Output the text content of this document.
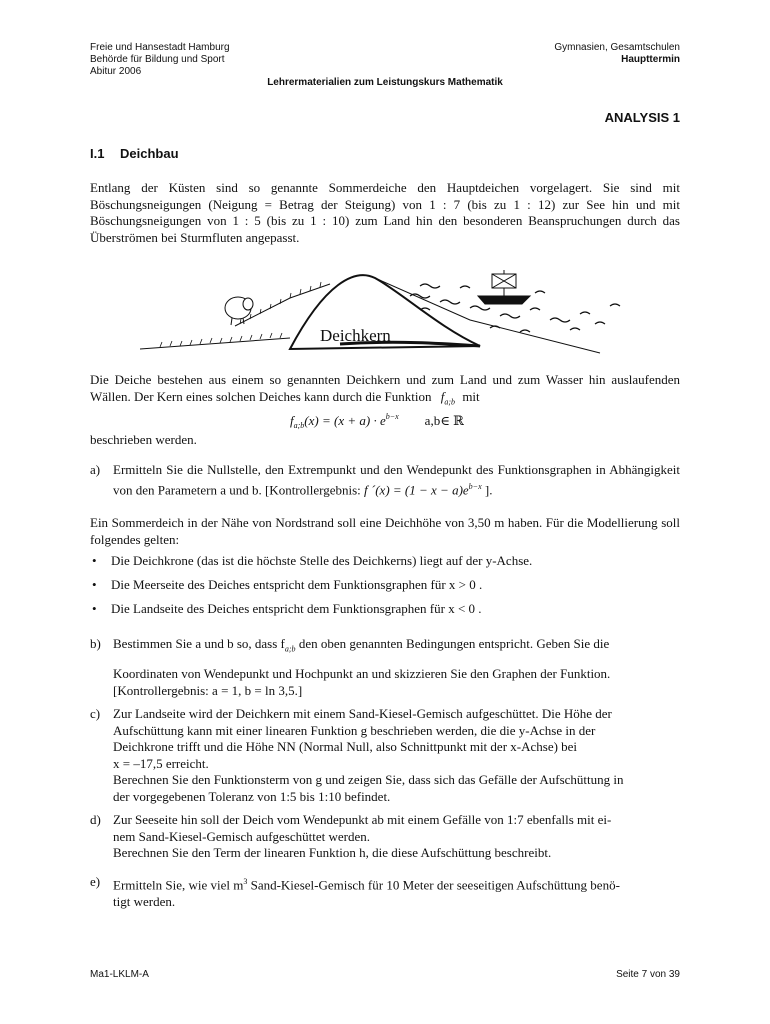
Freie und Hansestadt Hamburg
Behörde für Bildung und Sport
Abitur 2006
Gymnasien, Gesamtschulen
Haupttermin
Lehrermaterialien zum Leistungskurs Mathematik
ANALYSIS 1
I.1 Deichbau
Entlang der Küsten sind so genannte Sommerdeiche den Hauptdeichen vorgelagert. Sie sind mit Böschungsneigungen (Neigung = Betrag der Steigung) von 1 : 7 (bis zu 1 : 12) zur See hin und mit Böschungsneigungen von 1 : 5 (bis zu 1 : 10) zum Land hin den besonderen Beanspruchungen durch das Überströmen bei Sturmfluten angepasst.
Deichkern
Die Deiche bestehen aus einem so genannten Deichkern und zum Land und zum Wasser hin auslaufenden Wällen. Der Kern eines solchen Deiches kann durch die Funktion $f_{a;b}$ mit
$f_{a;b}(x) = (x + a) \cdot e^{b-x}$ a,b∈ ℝ
beschrieben werden.
a) Ermitteln Sie die Nullstelle, den Extrempunkt und den Wendepunkt des Funktionsgraphen in Abhängigkeit von den Parametern a und b. [Kontrollergebnis: f ´(x) = $(1 - x - a)e^{b-x}$ ].
Ein Sommerdeich in der Nähe von Nordstrand soll eine Deichhöhe von 3,50 m haben. Für die Modellierung soll folgendes gelten:
• Die Deichkrone (das ist die höchste Stelle des Deichkerns) liegt auf der y-Achse.
• Die Meerseite des Deiches entspricht dem Funktionsgraphen für x > 0 .
• Die Landseite des Deiches entspricht dem Funktionsgraphen für x < 0 .
b) Bestimmen Sie a und b so, dass $f_{a;b}$ den oben genannten Bedingungen entspricht. Geben Sie die
Koordinaten von Wendepunkt und Hochpunkt an und skizzieren Sie den Graphen der Funktion.
[Kontrollergebnis: a = 1, b = ln 3,5.]
c) Zur Landseite wird der Deichkern mit einem Sand-Kiesel-Gemisch aufgeschüttet. Die Höhe der
Aufschüttung kann mit einer linearen Funktion g beschrieben werden, die die y-Achse in der
Deichkrone trifft und die Höhe NN (Normal Null, also Schnittpunkt mit der x-Achse) bei
x = –17,5 erreicht.
Berechnen Sie den Funktionsterm von g und zeigen Sie, dass sich das Gefälle der Aufschüttung in
der vorgegebenen Toleranz von 1:5 bis 1:10 befindet.
d) Zur Seeseite hin soll der Deich vom Wendepunkt ab mit einem Gefälle von 1:7 ebenfalls mit ei-
nem Sand-Kiesel-Gemisch aufgeschüttet werden.
Berechnen Sie den Term der linearen Funktion h, die diese Aufschüttung beschreibt.
e) Ermitteln Sie, wie viel $m^3$ Sand-Kiesel-Gemisch für 10 Meter der seeseitigen Aufschüttung benö-
tigt werden.
Ma1-LKLM-A	Seite 7 von 39
